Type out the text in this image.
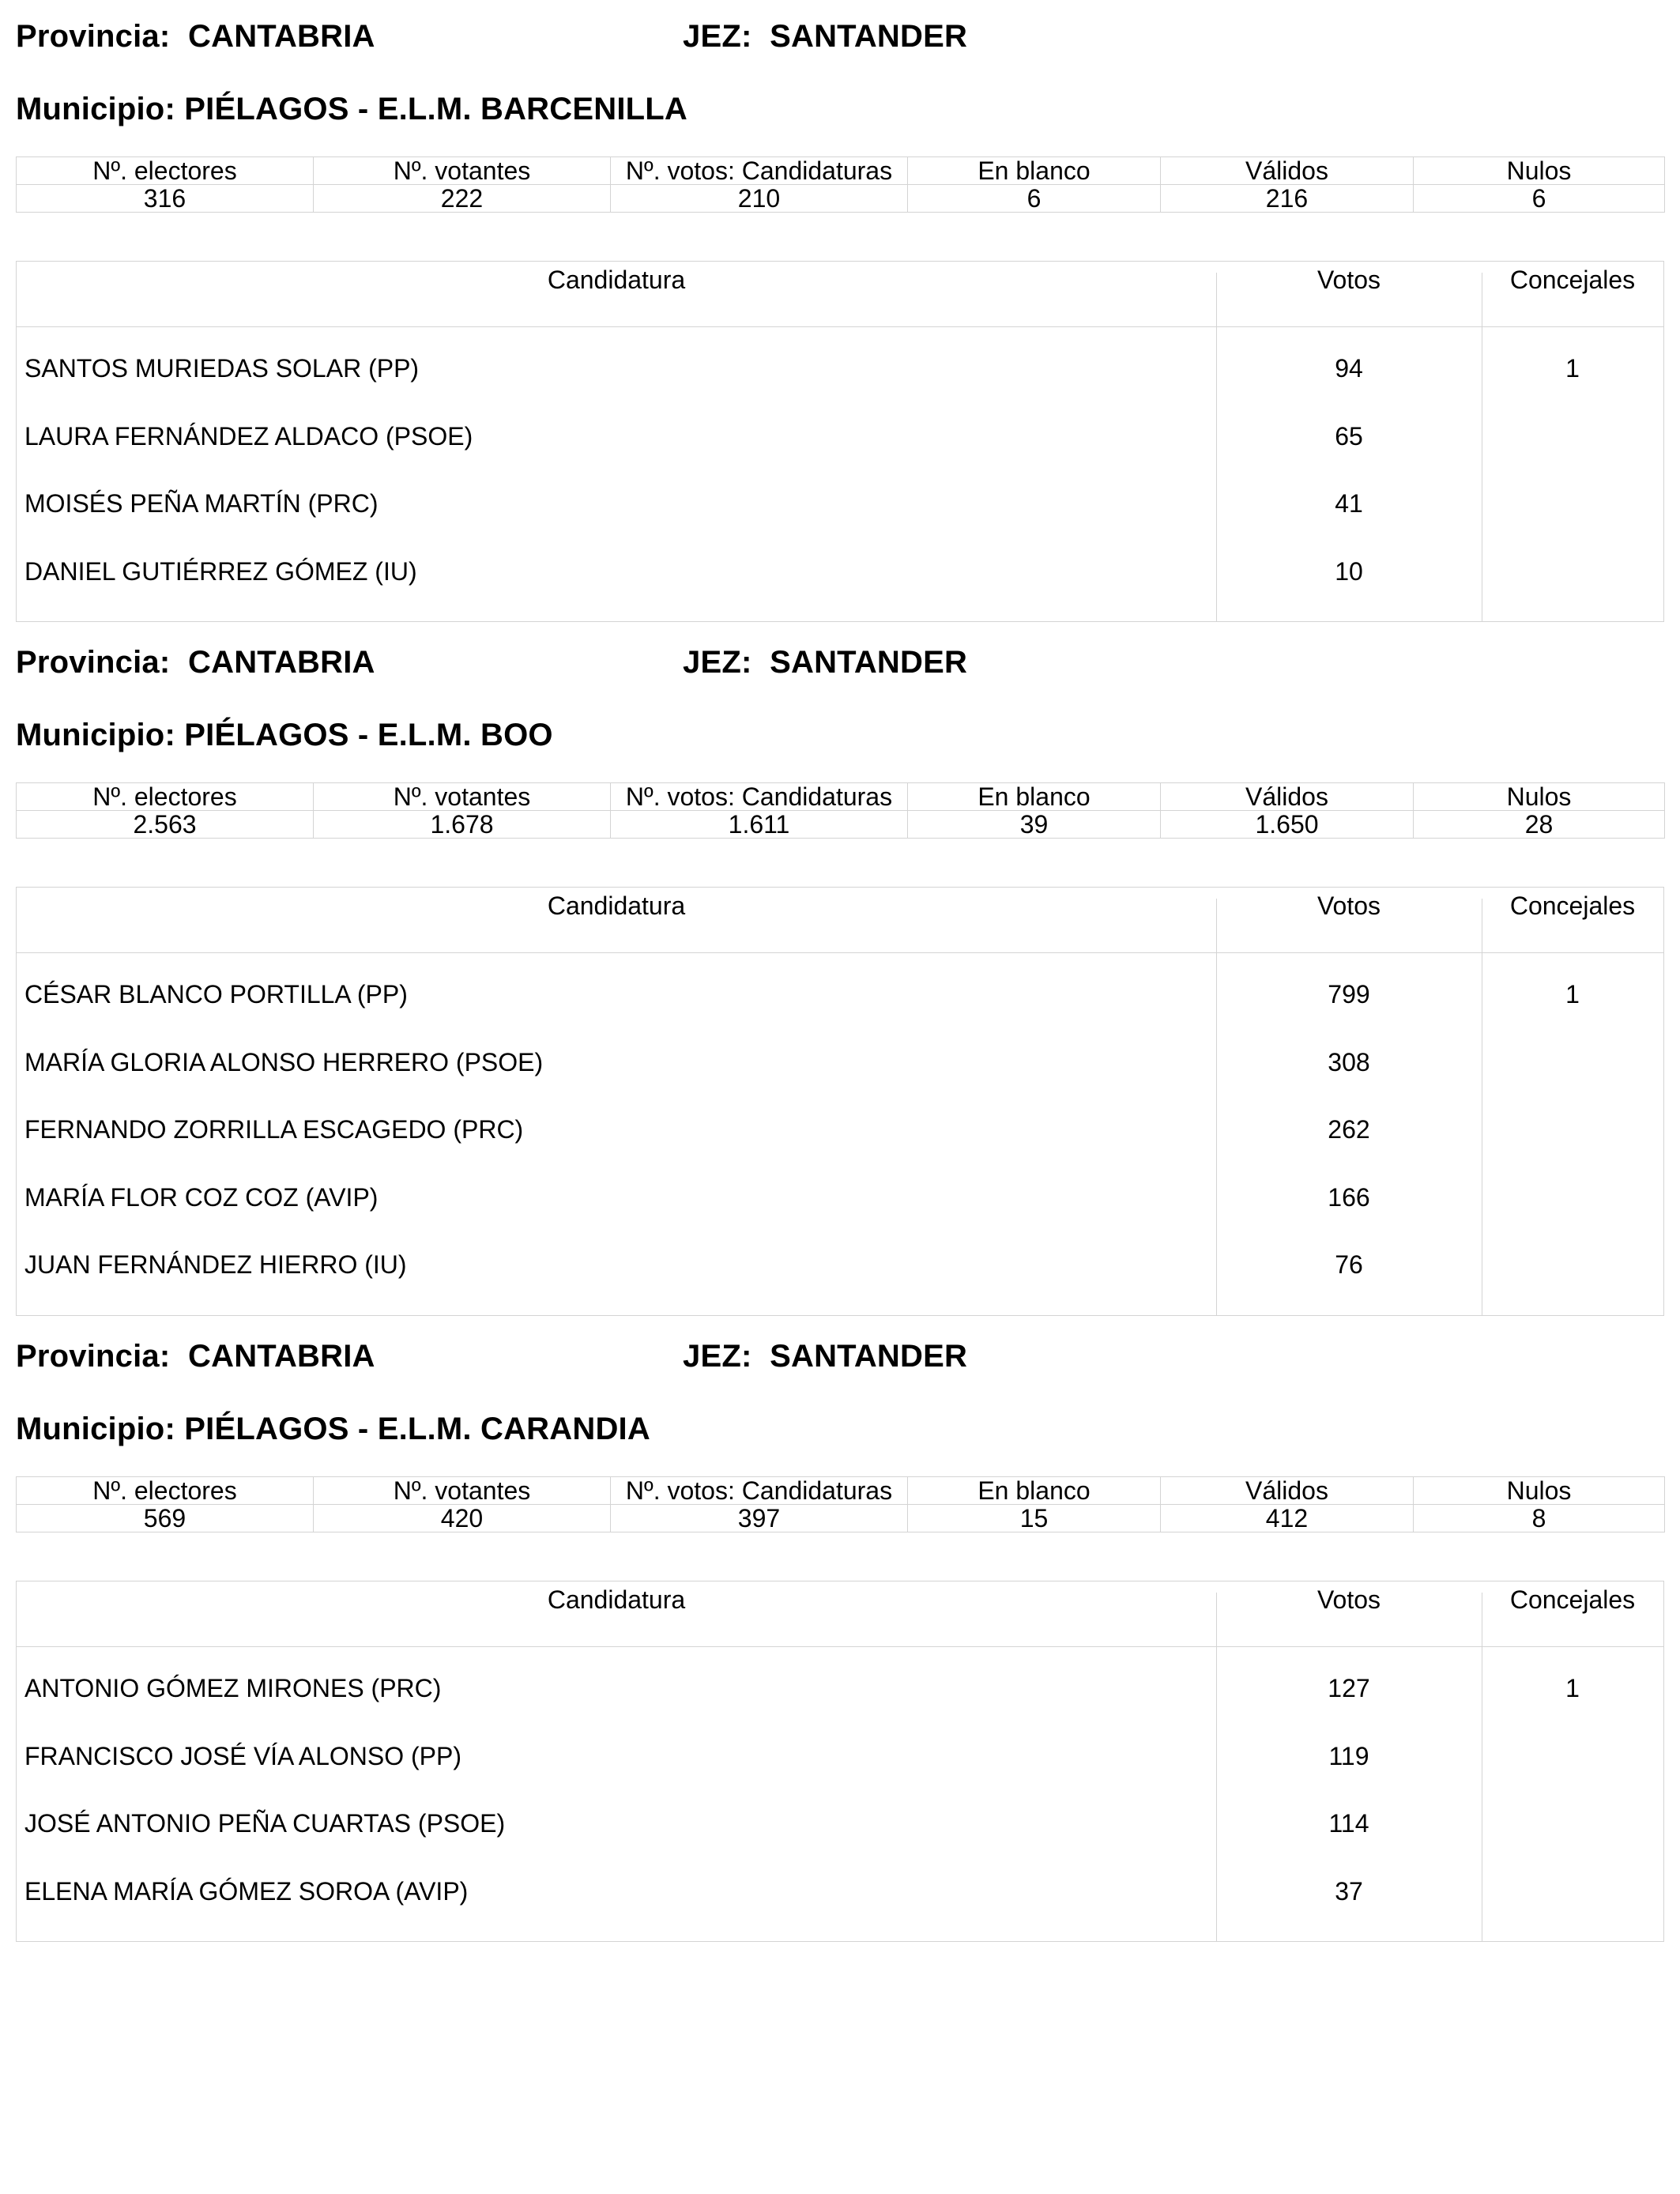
Provincia:  CANTABRIA	JEZ:  SANTANDER
Municipio: PIÉLAGOS - E.L.M. BARCENILLA
Nº. electores	Nº. votantes	Nº. votos: Candidaturas	En blanco	Válidos	Nulos
316	222	210	6	216	6
Candidatura	Votos	Concejales
SANTOS MURIEDAS SOLAR (PP)	94	1
LAURA FERNÁNDEZ ALDACO (PSOE)	65
MOISÉS PEÑA MARTÍN (PRC)	41
DANIEL GUTIÉRREZ GÓMEZ (IU)	10
Provincia:  CANTABRIA	JEZ:  SANTANDER
Municipio: PIÉLAGOS - E.L.M. BOO
Nº. electores	Nº. votantes	Nº. votos: Candidaturas	En blanco	Válidos	Nulos
2.563	1.678	1.611	39	1.650	28
Candidatura	Votos	Concejales
CÉSAR BLANCO PORTILLA (PP)	799	1
MARÍA GLORIA ALONSO HERRERO (PSOE)	308
FERNANDO ZORRILLA ESCAGEDO (PRC)	262
MARÍA FLOR COZ COZ (AVIP)	166
JUAN FERNÁNDEZ HIERRO (IU)	76
Provincia:  CANTABRIA	JEZ:  SANTANDER
Municipio: PIÉLAGOS - E.L.M. CARANDIA
Nº. electores	Nº. votantes	Nº. votos: Candidaturas	En blanco	Válidos	Nulos
569	420	397	15	412	8
Candidatura	Votos	Concejales
ANTONIO GÓMEZ MIRONES (PRC)	127	1
FRANCISCO JOSÉ VÍA ALONSO (PP)	119
JOSÉ ANTONIO PEÑA CUARTAS (PSOE)	114
ELENA MARÍA GÓMEZ SOROA (AVIP)	37
